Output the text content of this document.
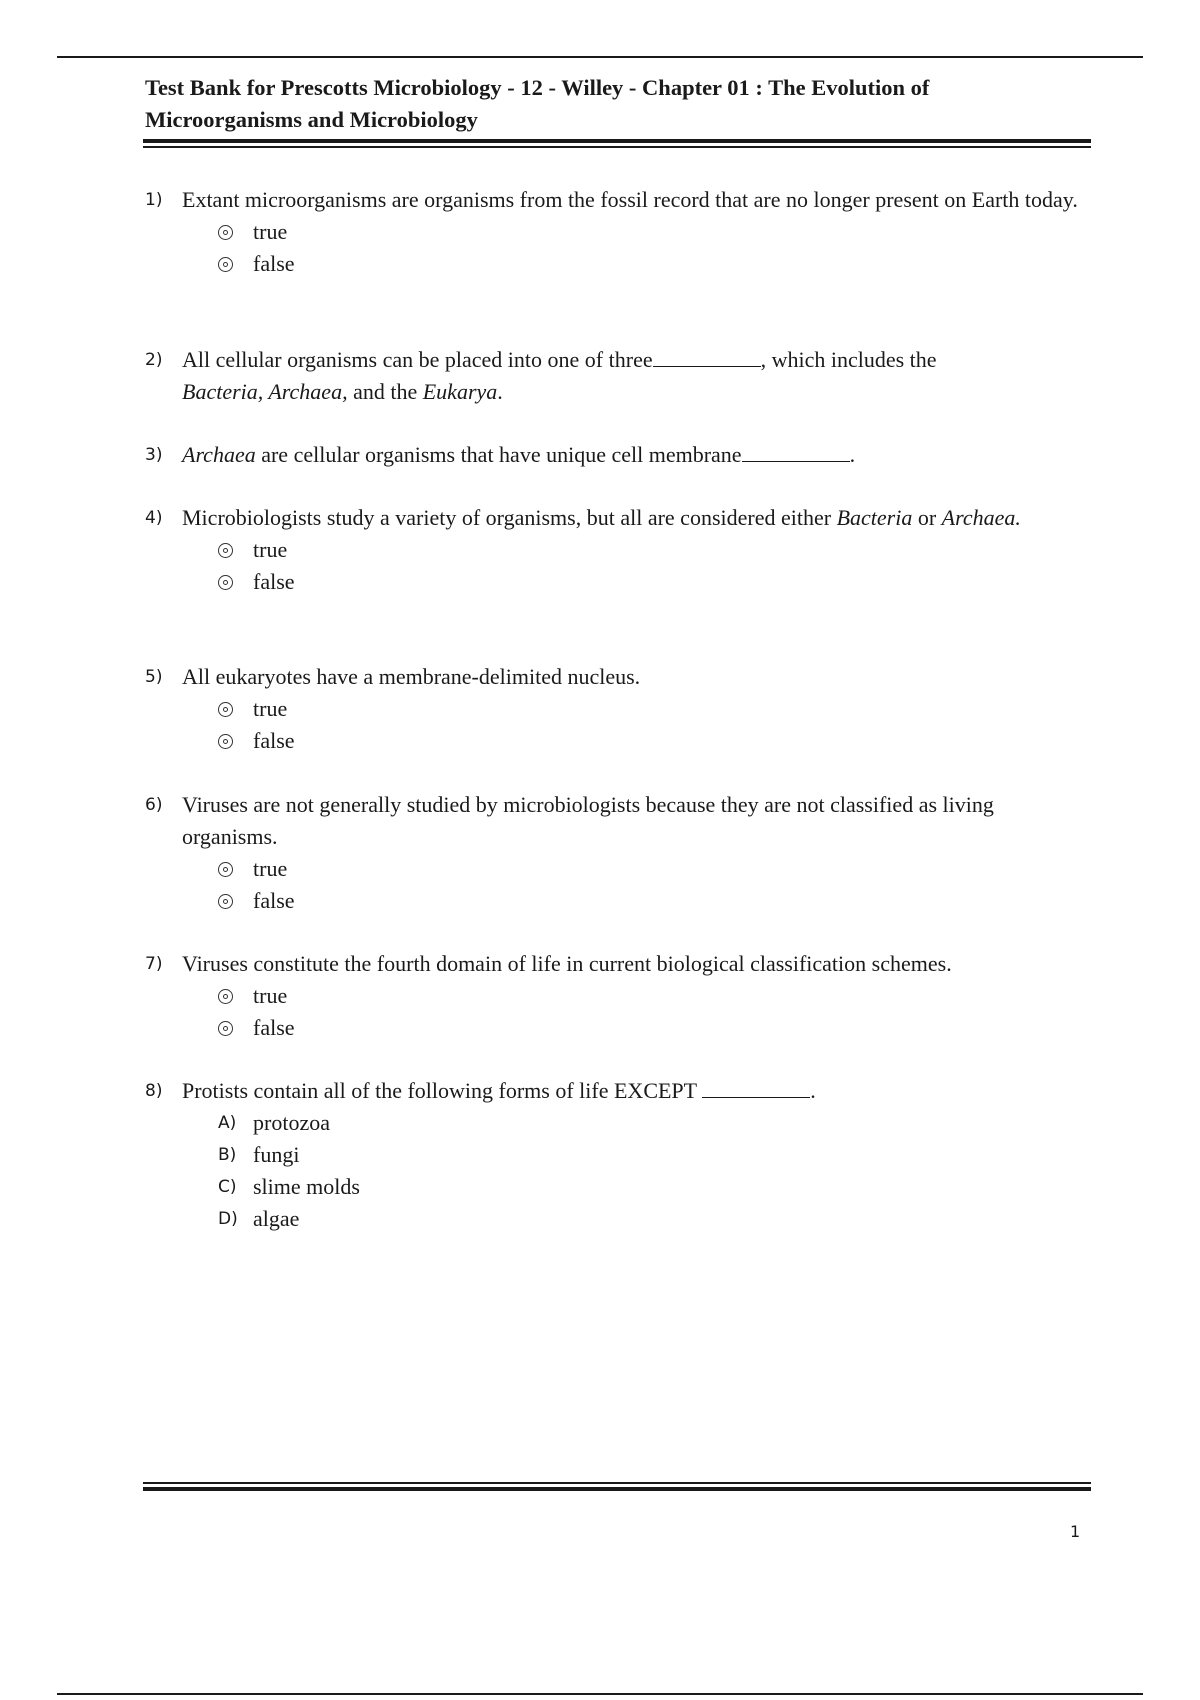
Test Bank for Prescotts Microbiology - 12 - Willey - Chapter 01 : The Evolution of Microorganisms and Microbiology
1) Extant microorganisms are organisms from the fossil record that are no longer present on Earth today.
true
false
2) All cellular organisms can be placed into one of three	, which includes the
Bacteria, Archaea, and the Eukarya.
3) Archaea are cellular organisms that have unique cell membrane	.
4) Microbiologists study a variety of organisms, but all are considered either Bacteria or Archaea.
true
false
5) All eukaryotes have a membrane-delimited nucleus.
true
false
6) Viruses are not generally studied by microbiologists because they are not classified as living organisms.
true
false
7) Viruses constitute the fourth domain of life in current biological classification schemes.
true
false
8) Protists contain all of the following forms of life EXCEPT	.
A) protozoa
B) fungi
C) slime molds
D) algae
1
